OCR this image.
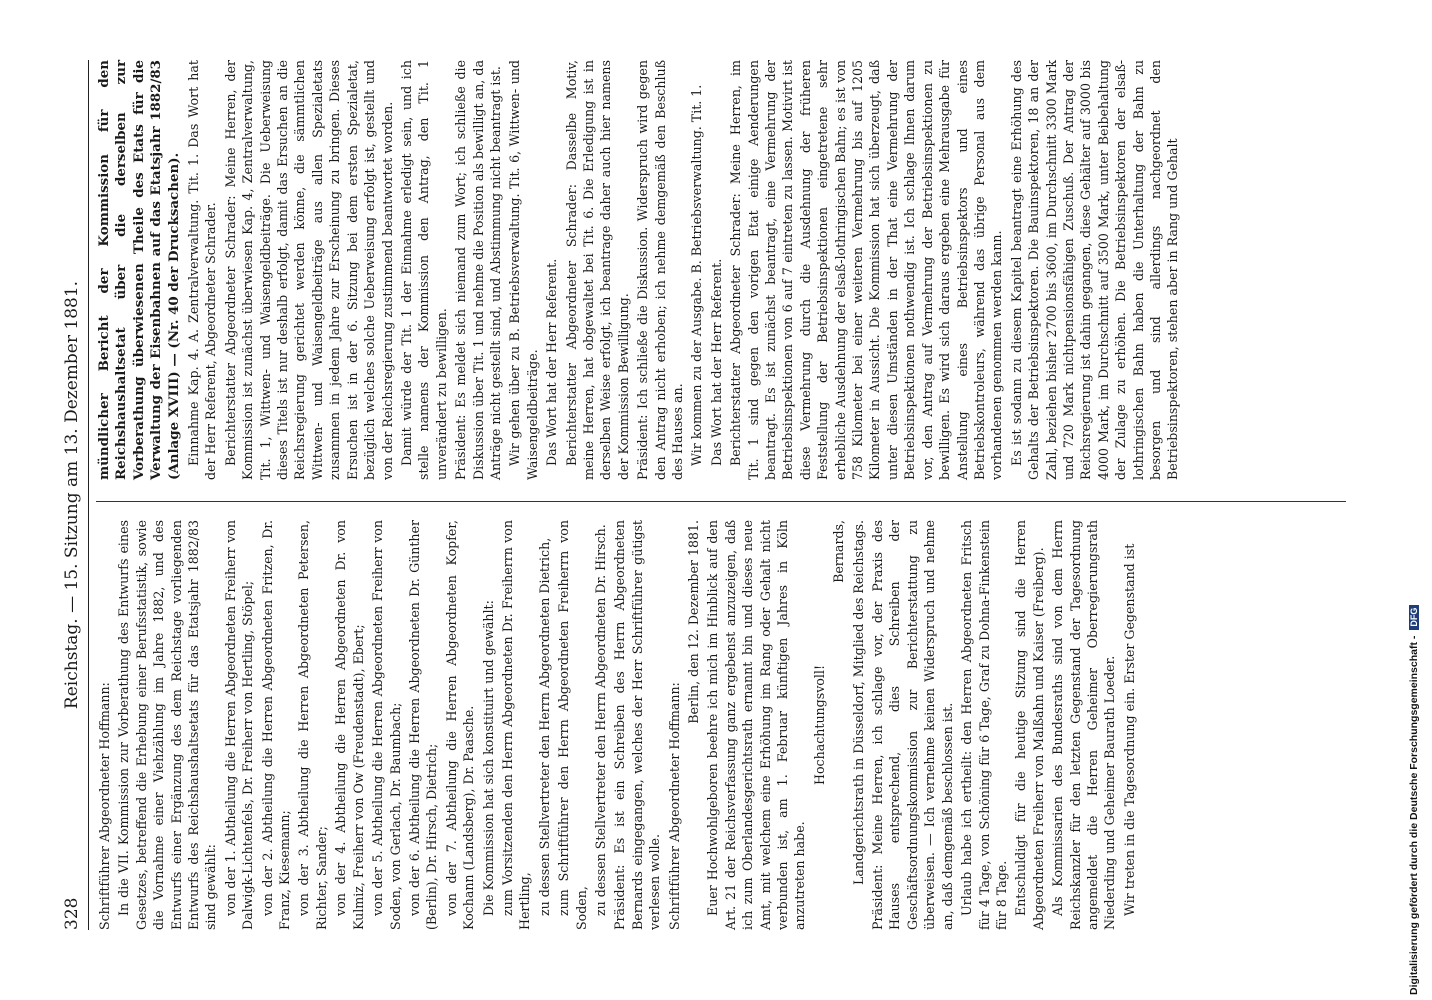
328
Reichstag. — 15. Sitzung am 13. Dezember 1881.

Schriftführer Abgeordneter Hoffmann: In die VII. Kommission zur Vorberathung des Entwurfs eines Gesetzes, betreffend die Erhebung einer Berufsstatistik, sowie die Vornahme einer Viehzählung im Jahre 1882, und des Entwurfs einer Ergänzung des dem Reichstage vorliegenden Entwurfs des Reichshaushaltsetats für das Etatsjahr 1882/83 sind gewählt: von der 1. Abtheilung die Herren Abgeordneten Freiherr von Dalwigk-Lichtenfels, Dr. Freiherr von Hertling, Stöpel; von der 2. Abtheilung die Herren Abgeordneten Fritzen, Dr. Franz, Kiesemann; von der 3. Abtheilung die Herren Abgeordneten Petersen, Richter, Sander; von der 4. Abtheilung die Herren Abgeordneten Dr. von Kulmiz, Freiherr von Ow (Freudenstadt), Ebert; von der 5. Abtheilung die Herren Abgeordneten Freiherr von Soden, von Gerlach, Dr. Baumbach; von der 6. Abtheilung die Herren Abgeordneten Dr. Günther (Berlin), Dr. Hirsch, Dietrich; von der 7. Abtheilung die Herren Abgeordneten Kopfer, Kochann (Landsberg), Dr. Paasche. Die Kommission hat sich konstituirt und gewählt: zum Vorsitzenden den Herrn Abgeordneten Dr. Freiherrn von Hertling, zu dessen Stellvertreter den Herrn Abgeordneten Dietrich, zum Schriftführer den Herrn Abgeordneten Freiherrn von Soden, zu dessen Stellvertreter den Herrn Abgeordneten Dr. Hirsch. Präsident: Es ist ein Schreiben des Herrn Abgeordneten Bernards eingegangen, welches der Herr Schriftführer gütigst verlesen wolle. Schriftführer Abgeordneter Hoffmann:

Berlin, den 12. Dezember 1881. Euer Hochwohlgeboren beehre ich mich im Hinblick auf den Art. 21 der Reichsverfassung ganz ergebenst anzuzeigen, daß ich zum Oberlandesgerichtsrath ernannt bin und dieses neue Amt, mit welchem eine Erhöhung im Rang oder Gehalt nicht verbunden ist, am 1. Februar künftigen Jahres in Köln anzutreten habe.

Hochachtungsvoll!

Bernards, Landgerichtsrath in Düsseldorf, Mitglied des Reichstags. Präsident: Meine Herren, ich schlage vor, der Praxis des Hauses entsprechend, dies Schreiben der Geschäftsordnungskommission zur Berichterstattung zu überweisen. — Ich vernehme keinen Widerspruch und nehme an, daß demgemäß beschlossen ist. Urlaub habe ich ertheilt: den Herren Abgeordneten Fritsch für 4 Tage, von Schöning für 6 Tage, Graf zu Dohna-Finkenstein für 8 Tage. Entschuldigt für die heutige Sitzung sind die Herren Abgeordneten Freiherr von Malßahn und Kaiser (Freiberg). Als Kommissarien des Bundesraths sind von dem Herrn Reichskanzler für den letzten Gegenstand der Tagesordnung angemeldet die Herren Geheimer Oberregierungsrath Niederding und Geheimer Baurath Loeder. Wir treten in die Tagesordnung ein. Erster Gegenstand ist

mündlicher Bericht der Kommission für den Reichshaushaltsetat über die derselben zur Vorberathung überwiesenen Theile des Etats für die Verwaltung der Eisenbahnen auf das Etatsjahr 1882/83 (Anlage XVIII) — (Nr. 40 der Drucksachen). Einnahme Kap. 4. A. Zentralverwaltung. Tit. 1. Das Wort hat der Herr Referent, Abgeordneter Schrader. Berichterstatter Abgeordneter Schrader: Meine Herren, der Kommission ist zunächst überwiesen Kap. 4, Zentralverwaltung, Tit. 1, Wittwen- und Waisengeldbeiträge. Die Ueberweisung dieses Titels ist nur deshalb erfolgt, damit das Ersuchen an die Reichsregierung gerichtet werden könne, die sämmtlichen Wittwen- und Waisengeldbeiträge aus allen Spezialetats zusammen in jedem Jahre zur Erscheinung zu bringen. Dieses Ersuchen ist in der 6. Sitzung bei dem ersten Spezialetat, bezüglich welches solche Ueberweisung erfolgt ist, gestellt und von der Reichsregierung zustimmend beantwortet worden. Damit würde der Tit. 1 der Einnahme erledigt sein, und ich stelle namens der Kommission den Antrag, den Tit. 1 unverändert zu bewilligen. Präsident: Es meldet sich niemand zum Wort; ich schließe die Diskussion über Tit. 1 und nehme die Position als bewilligt an, da Anträge nicht gestellt sind, und Abstimmung nicht beantragt ist. Wir gehen über zu B. Betriebsverwaltung. Tit. 6, Wittwen- und Waisengeldbeiträge. Das Wort hat der Herr Referent. Berichterstatter Abgeordneter Schrader: Dasselbe Motiv, meine Herren, hat obgewaltet bei Tit. 6. Die Erledigung ist in derselben Weise erfolgt, ich beantrage daher auch hier namens der Kommission Bewilligung. Präsident: Ich schließe die Diskussion. Widerspruch wird gegen den Antrag nicht erhoben; ich nehme demgemäß den Beschluß des Hauses an. Wir kommen zu der Ausgabe. B. Betriebsverwaltung. Tit. 1. Das Wort hat der Herr Referent. Berichterstatter Abgeordneter Schrader: Meine Herren, im Tit. 1 sind gegen den vorigen Etat einige Aenderungen beantragt. Es ist zunächst beantragt, eine Vermehrung der Betriebsinspektionen von 6 auf 7 eintreten zu lassen. Motivirt ist diese Vermehrung durch die Ausdehnung der früheren Feststellung der Betriebsinspektionen eingetretene sehr erhebliche Ausdehnung der elsaß-lothringischen Bahn; es ist von 758 Kilometer bei einer weiteren Vermehrung bis auf 1205 Kilometer in Aussicht. Die Kommission hat sich überzeugt, daß unter diesen Umständen in der That eine Vermehrung der Betriebsinspektionen nothwendig ist. Ich schlage Ihnen darum vor, den Antrag auf Vermehrung der Betriebsinspektionen zu bewilligen. Es wird sich daraus ergeben eine Mehrausgabe für Anstellung eines Betriebsinspektors und eines Betriebskontroleurs, während das übrige Personal aus dem vorhandenen genommen werden kann. Es ist sodann zu diesem Kapitel beantragt eine Erhöhung des Gehalts der Betriebsinspektoren. Die Bauinspektoren, 18 an der Zahl, beziehen bisher 2700 bis 3600, im Durchschnitt 3300 Mark und 720 Mark nichtpensionsfähigen Zuschuß. Der Antrag der Reichsregierung ist dahin gegangen, diese Gehälter auf 3000 bis 4000 Mark, im Durchschnitt auf 3500 Mark, unter Beibehaltung der Zulage zu erhöhen. Die Betriebsinspektoren der elsaß-lothringischen Bahn haben die Unterhaltung der Bahn zu besorgen und sind allerdings nachgeordnet den Betriebsinspektoren, stehen aber in Rang und Gehalt

Digitalisierung gefördert durch die Deutsche Forschungsgemeinschaft -DFG
